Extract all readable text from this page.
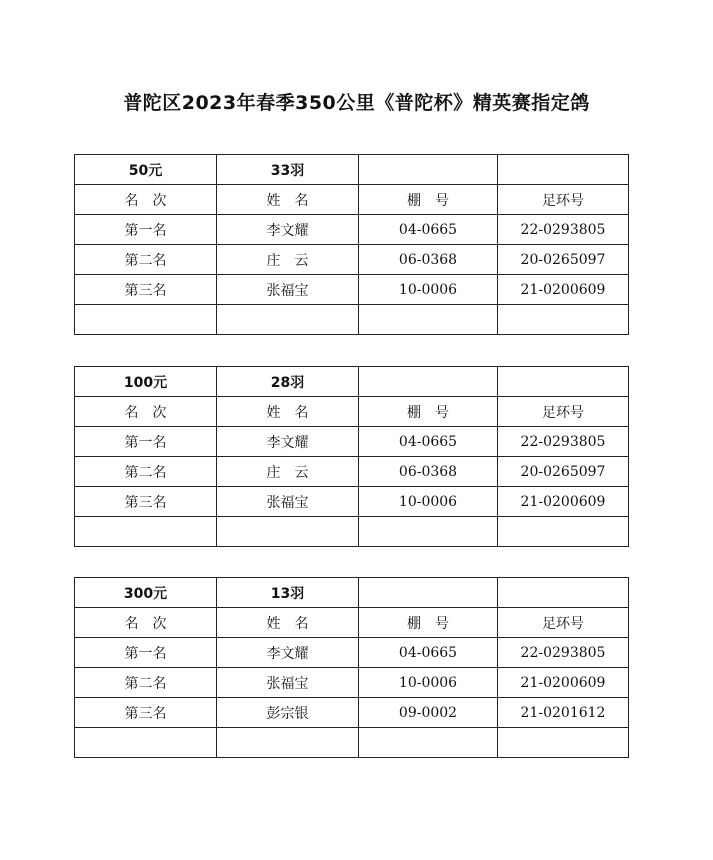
普陀区2023年春季350公里《普陀杯》精英赛指定鸽
50元	33羽		
名　次	姓　名	棚　号	足环号
第一名	李文耀	04-0665	22-0293805
第二名	庄　云	06-0368	20-0265097
第三名	张福宝	10-0006	21-0200609

100元	28羽		
名　次	姓　名	棚　号	足环号
第一名	李文耀	04-0665	22-0293805
第二名	庄　云	06-0368	20-0265097
第三名	张福宝	10-0006	21-0200609

300元	13羽		
名　次	姓　名	棚　号	足环号
第一名	李文耀	04-0665	22-0293805
第二名	张福宝	10-0006	21-0200609
第三名	彭宗银	09-0002	21-0201612
